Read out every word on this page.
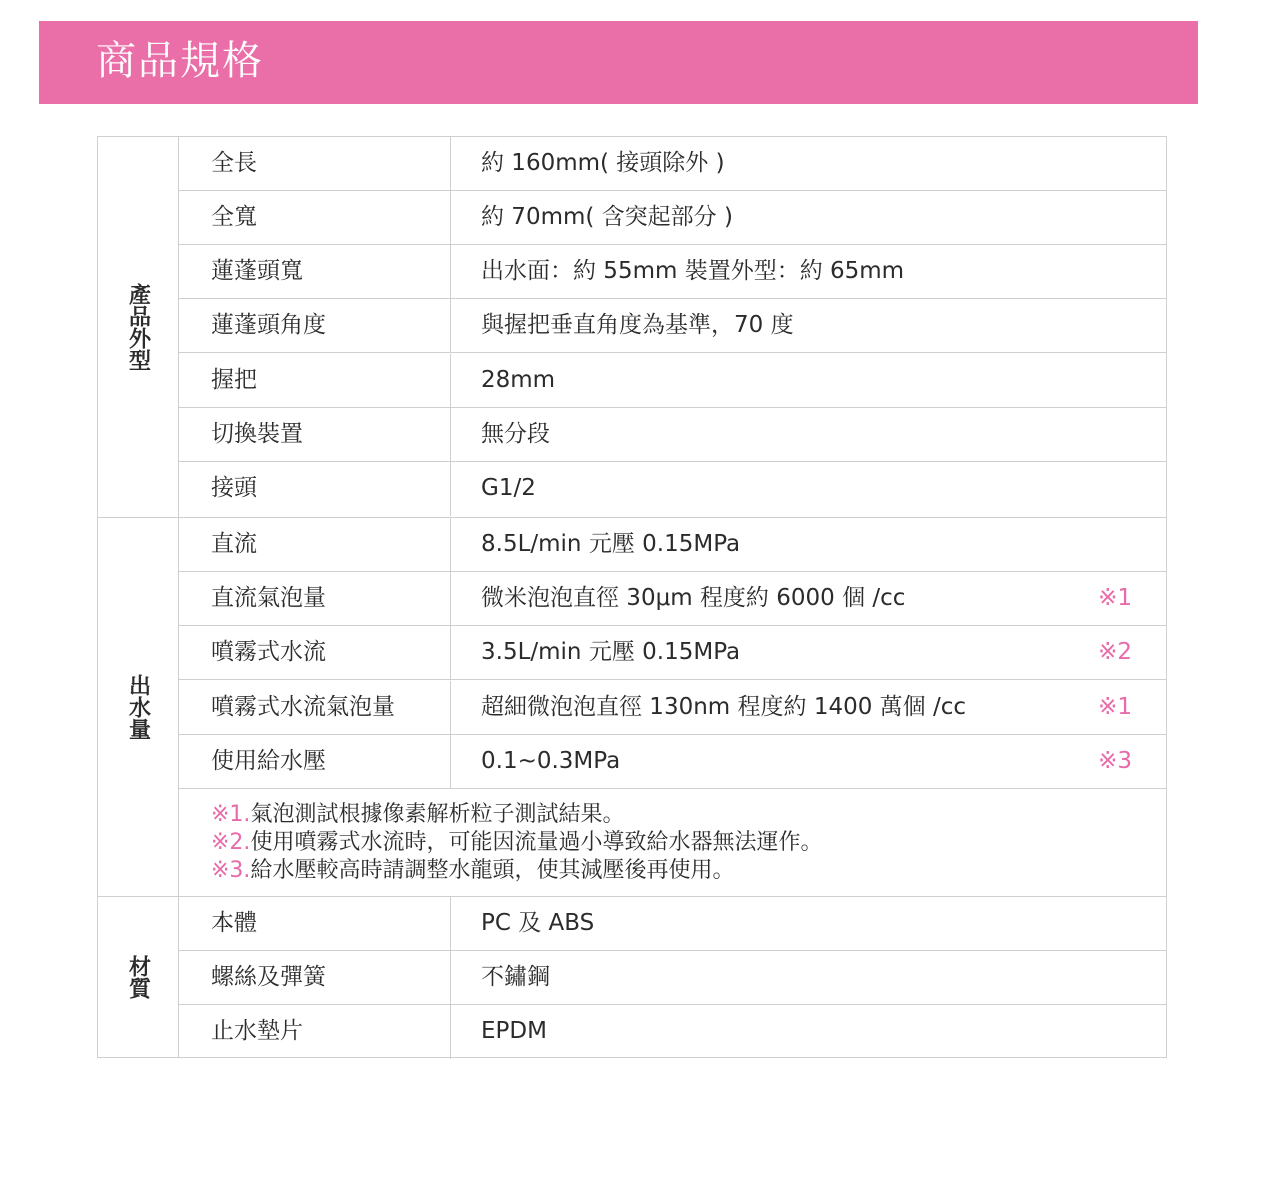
商品規格
產品外型
全長	約 160mm( 接頭除外 )
全寬	約 70mm( 含突起部分 )
蓮蓬頭寬	出水面：約 55mm 裝置外型：約 65mm
蓮蓬頭角度	與握把垂直角度為基準，70 度
握把	28mm
切換裝置	無分段
接頭	G1/2
出水量
直流	8.5L/min 元壓 0.15MPa
直流氣泡量	微米泡泡直徑 30μm 程度約 6000 個 /cc	※1
噴霧式水流	3.5L/min 元壓 0.15MPa	※2
噴霧式水流氣泡量	超細微泡泡直徑 130nm 程度約 1400 萬個 /cc	※1
使用給水壓	0.1~0.3MPa	※3
※1.氣泡測試根據像素解析粒子測試結果。
※2.使用噴霧式水流時，可能因流量過小導致給水器無法運作。
※3.給水壓較高時請調整水龍頭，使其減壓後再使用。
材質
本體	PC 及 ABS
螺絲及彈簧	不鏽鋼
止水墊片	EPDM
